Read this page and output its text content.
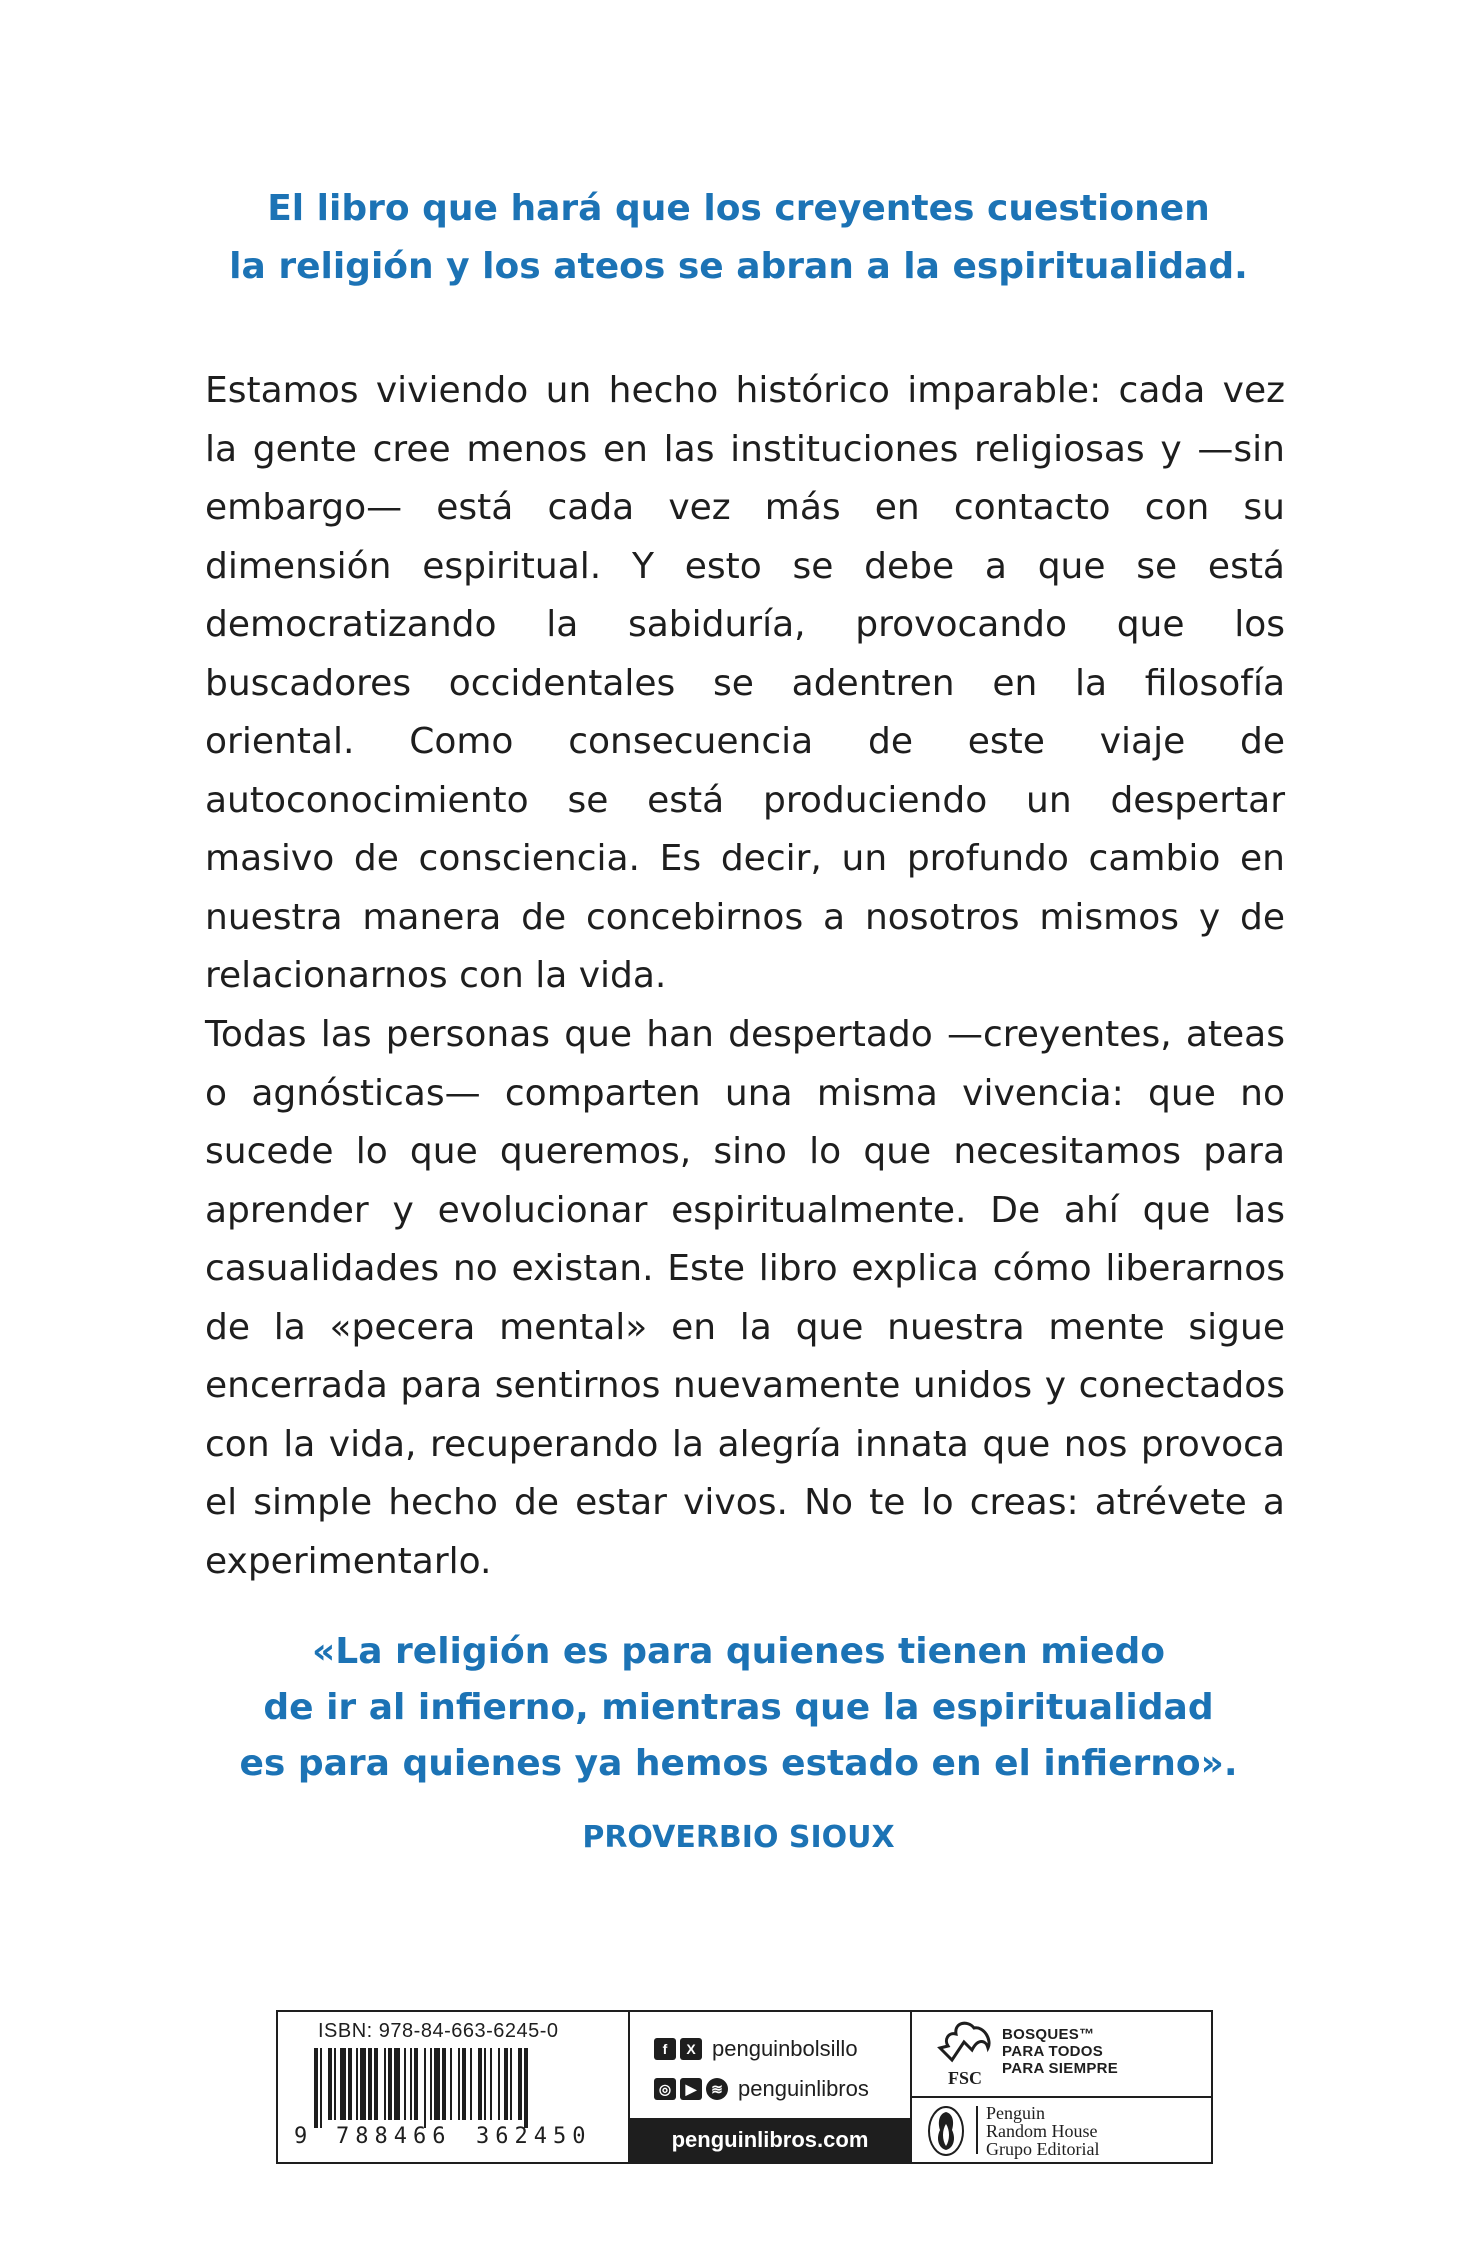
El libro que hará que los creyentes cuestionen
la religión y los ateos se abran a la espiritualidad.
Estamos viviendo un hecho histórico imparable: cada vez la gente cree menos en las instituciones religiosas y —sin embargo— está cada vez más en contacto con su dimensión espiritual. Y esto se debe a que se está democratizando la sabiduría, provocando que los buscadores occidentales se adentren en la filosofía oriental. Como consecuencia de este viaje de autoconocimiento se está produciendo un despertar masivo de consciencia. Es decir, un profundo cambio en nuestra manera de concebirnos a nosotros mismos y de relacionarnos con la vida.
Todas las personas que han despertado —creyentes, ateas o agnósticas— comparten una misma vivencia: que no sucede lo que queremos, sino lo que necesitamos para aprender y evolucionar espiritualmente. De ahí que las casualidades no existan. Este libro explica cómo liberarnos de la «pecera mental» en la que nuestra mente sigue encerrada para sentirnos nuevamente unidos y conectados con la vida, recuperando la alegría innata que nos provoca el simple hecho de estar vivos. No te lo creas: atrévete a experimentarlo.
«La religión es para quienes tienen miedo
de ir al infierno, mientras que la espiritualidad
es para quienes ya hemos estado en el infierno».
PROVERBIO SIOUX
ISBN: 978-84-663-6245-0
9 788466 362450
f	X penguinbolsillo
◎	▶	≋ penguinlibros
penguinlibros.com
FSC
BOSQUES™
PARA TODOS
PARA SIEMPRE
Penguin
Random House
Grupo Editorial
